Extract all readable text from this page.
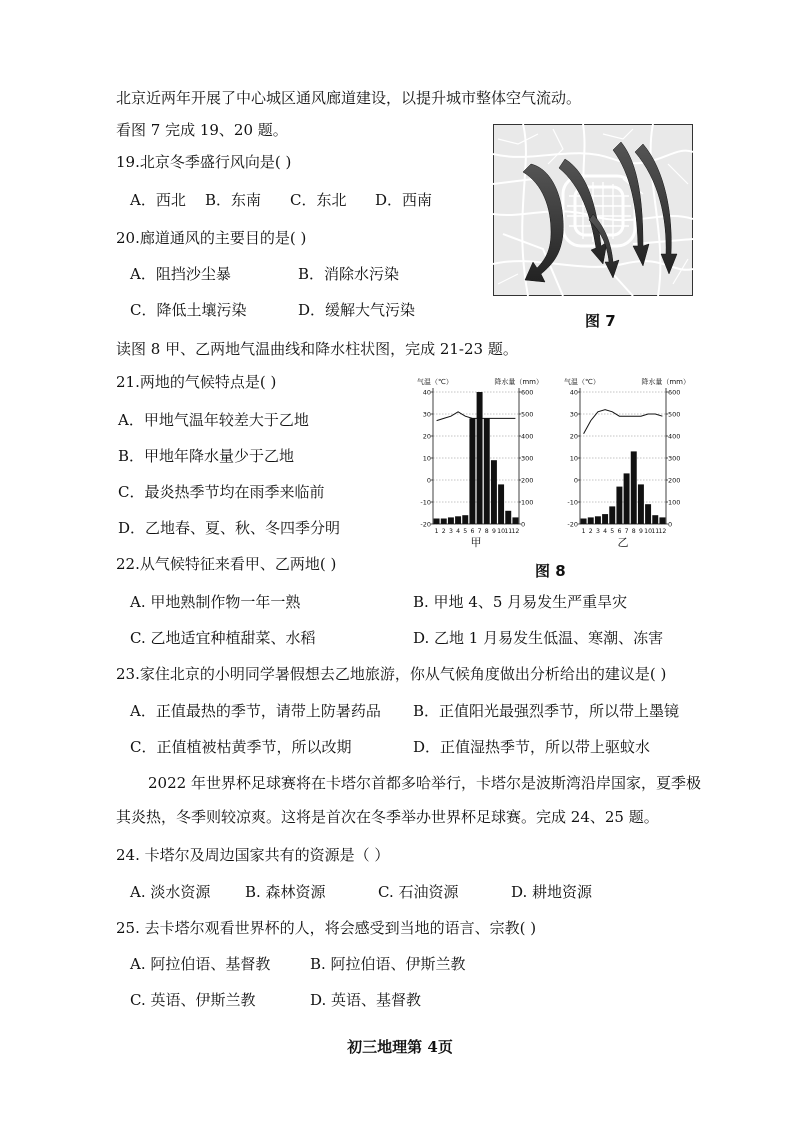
北京近两年开展了中心城区通风廊道建设，以提升城市整体空气流动。
看图 7 完成 19、20 题。
19.北京冬季盛行风向是( )
A．西北 B．东南 C．东北 D．西南
20.廊道通风的主要目的是( )
A．阻挡沙尘暴	B．消除水污染
C．降低土壤污染	D．缓解大气污染
图 7
读图 8 甲、乙两地气温曲线和降水柱状图，完成 21-23 题。
21.两地的气候特点是( )
A．甲地气温年较差大于乙地
B．甲地年降水量少于乙地
C．最炎热季节均在雨季来临前
D．乙地春、夏、秋、冬四季分明
气温（℃）	降水量（mm）
40
30
20
10
0
-10
-20
600
500
400
300
200
100
0
1 2 3 4 5 6 7 8 9 10 11 12
甲
气温（℃）	降水量（mm）
40
30
20
10
0
-10
-20
600
500
400
300
200
100
0
1 2 3 4 5 6 7 8 9 10 11 12
乙
图 8
22.从气候特征来看甲、乙两地( )
A. 甲地熟制作物一年一熟	B. 甲地 4、5 月易发生严重旱灾
C. 乙地适宜种植甜菜、水稻	D. 乙地 1 月易发生低温、寒潮、冻害
23.家住北京的小明同学暑假想去乙地旅游，你从气候角度做出分析给出的建议是( )
A．正值最热的季节，请带上防暑药品 B．正值阳光最强烈季节，所以带上墨镜
C．正值植被枯黄季节，所以改期	D．正值湿热季节，所以带上驱蚊水
2022 年世界杯足球赛将在卡塔尔首都多哈举行，卡塔尔是波斯湾沿岸国家，夏季极
其炎热，冬季则较凉爽。这将是首次在冬季举办世界杯足球赛。完成 24、25 题。
24. 卡塔尔及周边国家共有的资源是（ ）
A. 淡水资源 B. 森林资源	C. 石油资源	D. 耕地资源
25. 去卡塔尔观看世界杯的人，将会感受到当地的语言、宗教( )
A. 阿拉伯语、基督教	B. 阿拉伯语、伊斯兰教
C. 英语、伊斯兰教	D. 英语、基督教
初三地理第 4页
